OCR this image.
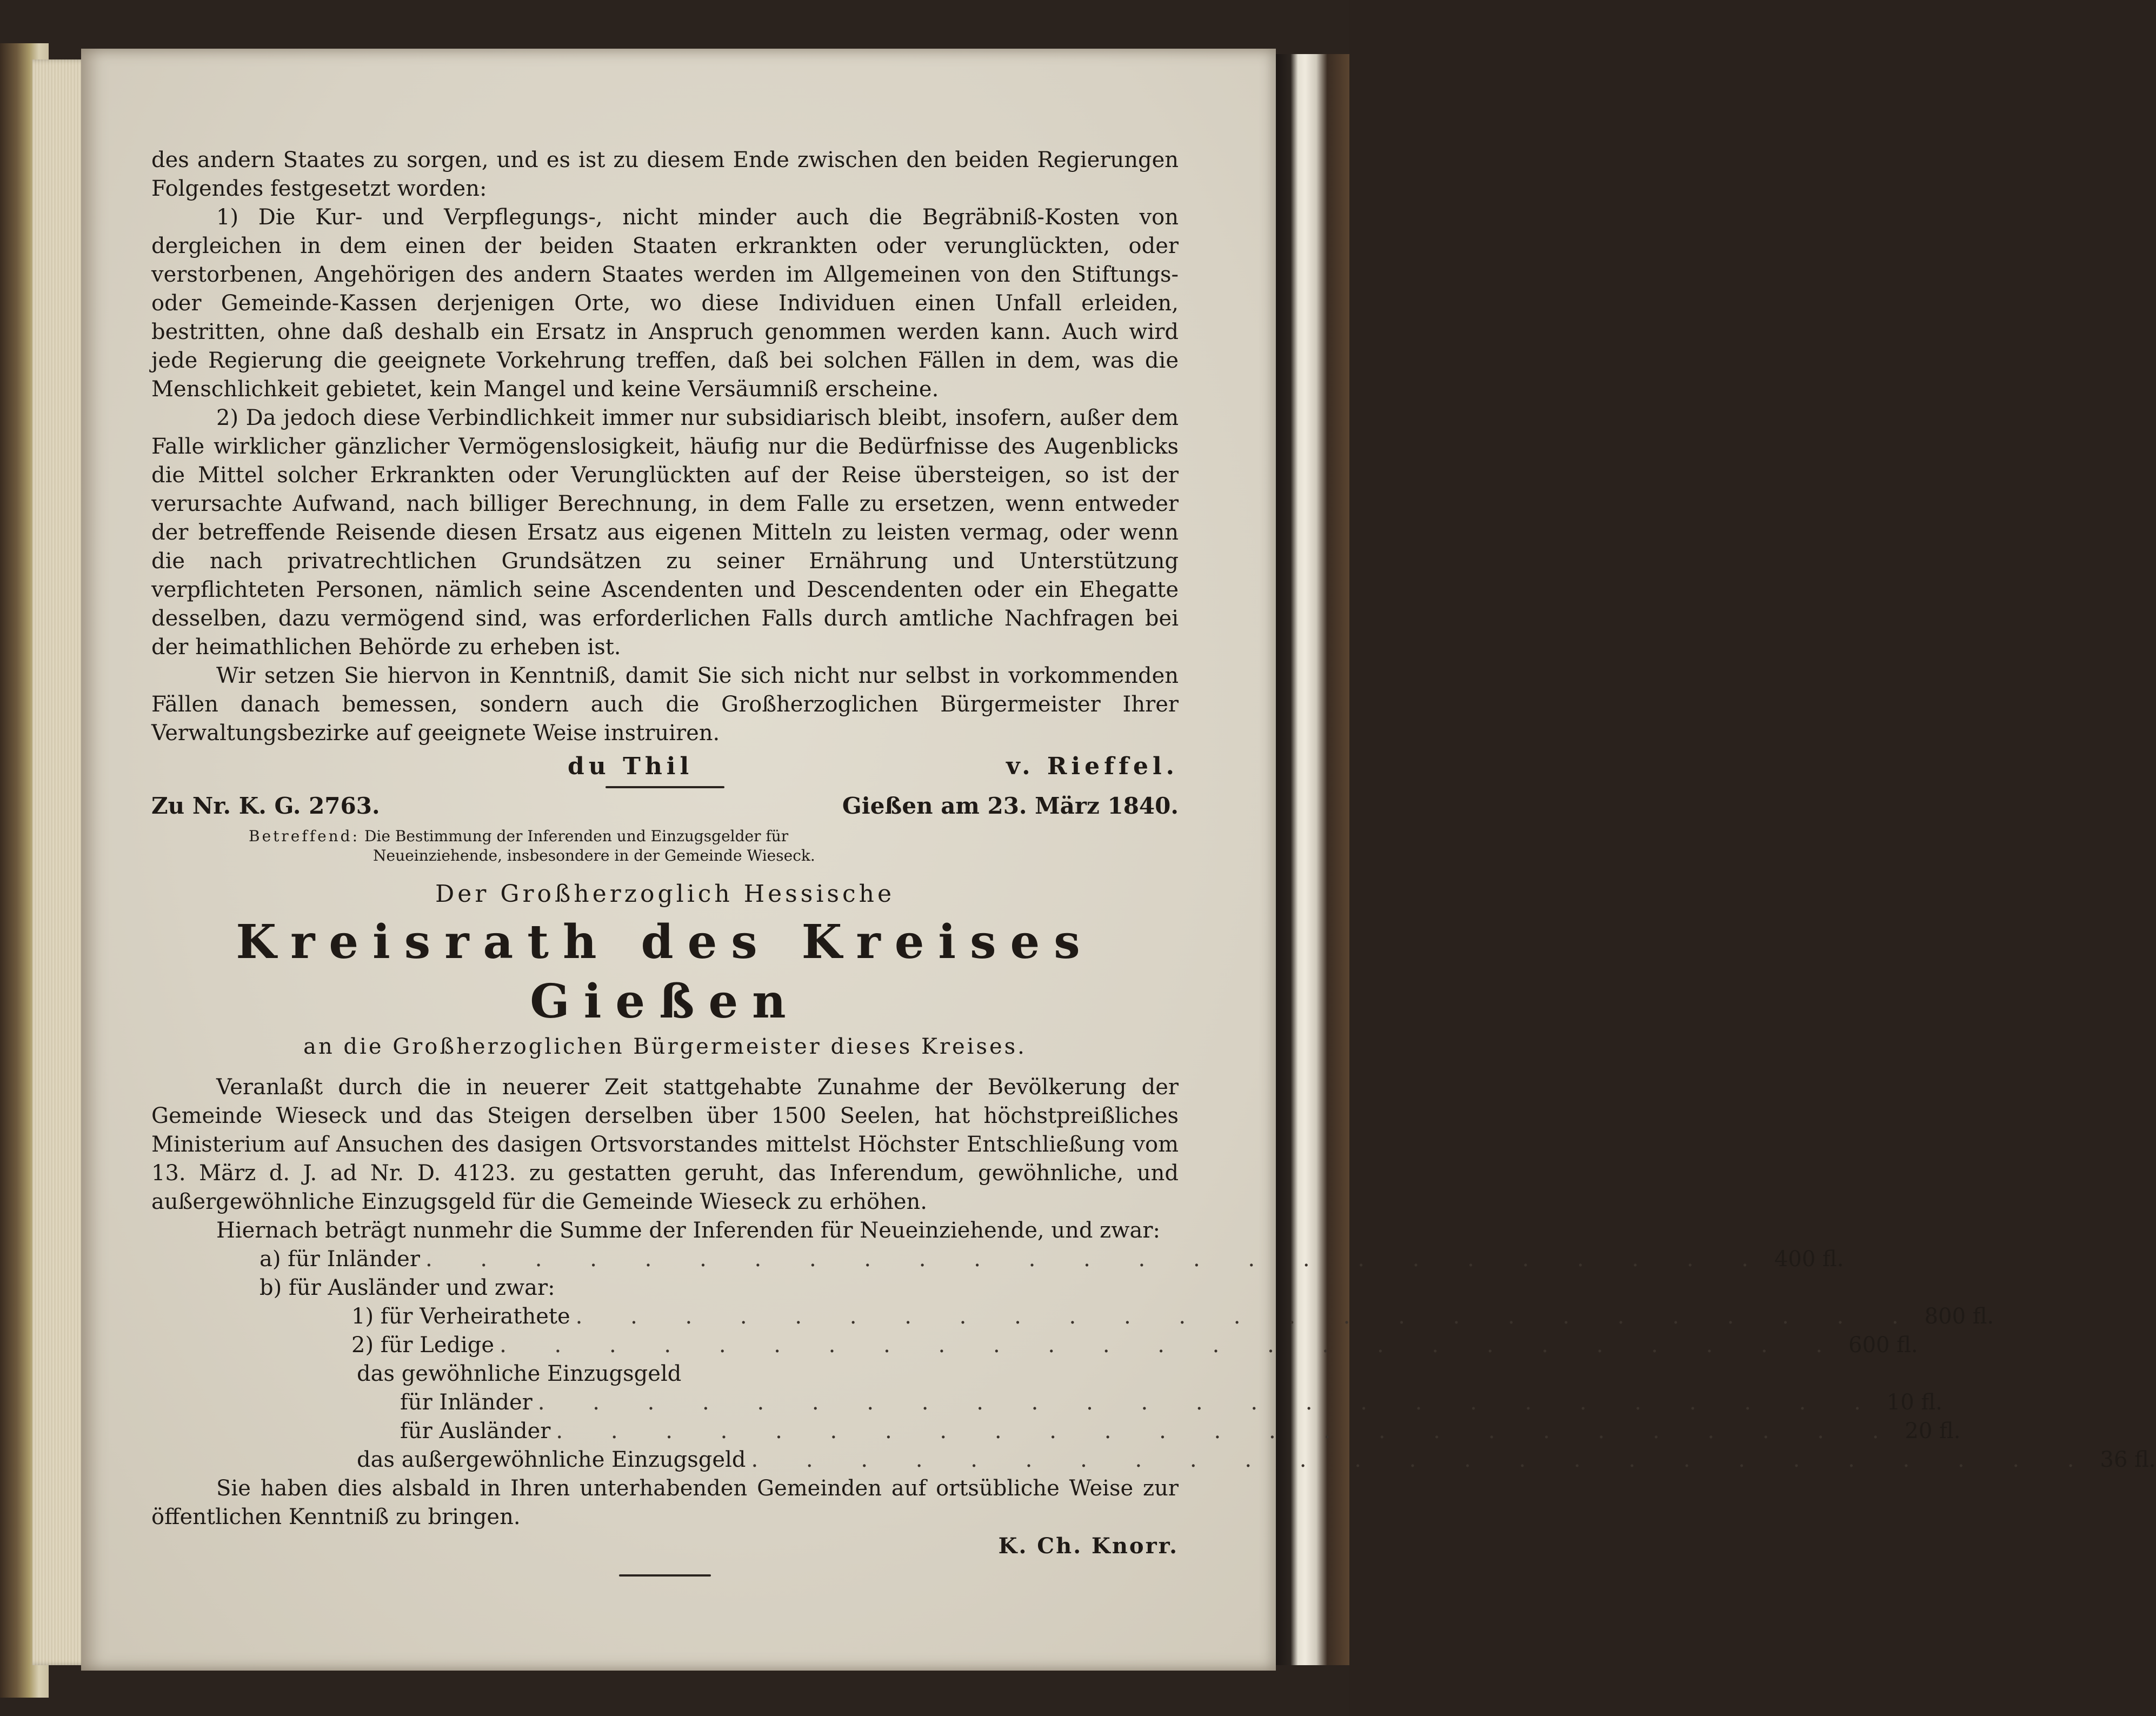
des andern Staates zu sorgen, und es ist zu diesem Ende zwischen den beiden Regierungen Folgendes festgesetzt worden:

1) Die Kur- und Verpflegungs-, nicht minder auch die Begräbniß-Kosten von dergleichen in dem einen der beiden Staaten erkrankten oder verunglückten, oder verstorbenen, Angehörigen des andern Staates werden im Allgemeinen von den Stiftungs- oder Gemeinde-Kassen derjenigen Orte, wo diese Individuen einen Unfall erleiden, bestritten, ohne daß deshalb ein Ersatz in Anspruch genommen werden kann. Auch wird jede Regierung die geeignete Vorkehrung treffen, daß bei solchen Fällen in dem, was die Menschlichkeit gebietet, kein Mangel und keine Versäumniß erscheine.

2) Da jedoch diese Verbindlichkeit immer nur subsidiarisch bleibt, insofern, außer dem Falle wirklicher gänzlicher Vermögenslosigkeit, häufig nur die Bedürfnisse des Augenblicks die Mittel solcher Erkrankten oder Verunglückten auf der Reise übersteigen, so ist der verursachte Aufwand, nach billiger Berechnung, in dem Falle zu ersetzen, wenn entweder der betreffende Reisende diesen Ersatz aus eigenen Mitteln zu leisten vermag, oder wenn die nach privatrechtlichen Grundsätzen zu seiner Ernährung und Unterstützung verpflichteten Personen, nämlich seine Ascendenten und Descendenten oder ein Ehegatte desselben, dazu vermögend sind, was erforderlichen Falls durch amtliche Nachfragen bei der heimathlichen Behörde zu erheben ist.

Wir setzen Sie hiervon in Kenntniß, damit Sie sich nicht nur selbst in vorkommenden Fällen danach bemessen, sondern auch die Großherzoglichen Bürgermeister Ihrer Verwaltungsbezirke auf geeignete Weise instruiren.

du Thil	v. Rieffel.
Zu Nr. K. G. 2763.	Gießen am 23. März 1840.
Betreffend: Die Bestimmung der Inferenden und Einzugsgelder für
Neueinziehende, insbesondere in der Gemeinde Wieseck.
Der Großherzoglich Hessische
Kreisrath des Kreises Gießen
an die Großherzoglichen Bürgermeister dieses Kreises.

Veranlaßt durch die in neuerer Zeit stattgehabte Zunahme der Bevölkerung der Gemeinde Wieseck und das Steigen derselben über 1500 Seelen, hat höchstpreißliches Ministerium auf Ansuchen des dasigen Ortsvorstandes mittelst Höchster Entschließung vom 13. März d. J. ad Nr. D. 4123. zu gestatten geruht, das Inferendum, gewöhnliche, und außergewöhnliche Einzugsgeld für die Gemeinde Wieseck zu erhöhen.

Hiernach beträgt nunmehr die Summe der Inferenden für Neueinziehende, und zwar:

a) für Inländer . . . . . . . . . . . . . . . . . . . . . . . . . 400 fl.
b) für Ausländer und zwar:
1) für Verheirathete . . . . . . . . . . . . . . . . . . . . . . . . . 800 fl.
2) für Ledige . . . . . . . . . . . . . . . . . . . . . . . . . 600 fl.
das gewöhnliche Einzugsgeld
für Inländer . . . . . . . . . . . . . . . . . . . . . . . . . 10 fl.
für Ausländer . . . . . . . . . . . . . . . . . . . . . . . . . 20 fl.
das außergewöhnliche Einzugsgeld . . . . . . . . . . . . . . . . . . . . . . . . . 36 fl.

Sie haben dies alsbald in Ihren unterhabenden Gemeinden auf ortsübliche Weise zur öffentlichen Kenntniß zu bringen.

K. Ch. Knorr.
